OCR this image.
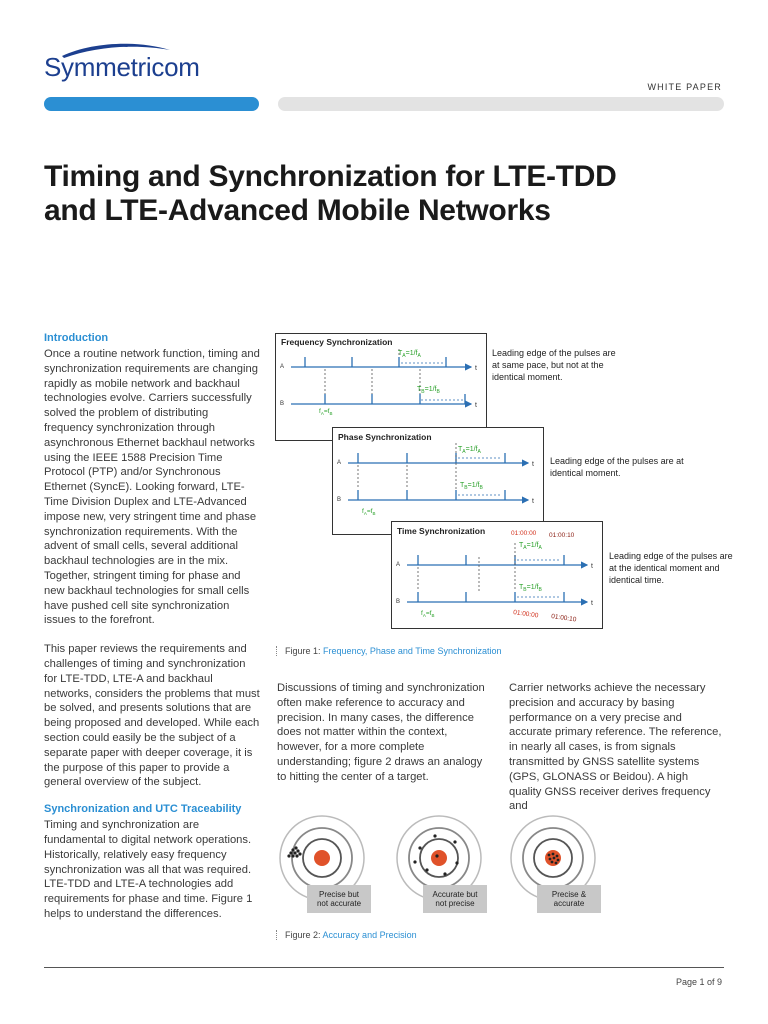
Symmetricom
WHITE PAPER
Timing and Synchronization for LTE-TDD
and LTE-Advanced Mobile Networks

Introduction

Once a routine network function, timing and synchronization requirements are changing rapidly as mobile network and backhaul technologies evolve. Carriers successfully solved the problem of distributing frequency synchronization through asynchronous Ethernet backhaul networks using the IEEE 1588 Precision Time Protocol (PTP) and/or Synchronous Ethernet (SyncE). Looking forward, LTE-Time Division Duplex and LTE-Advanced impose new, very stringent time and phase synchronization requirements. With the advent of small cells, several additional backhaul technologies are in the mix. Together, stringent timing for phase and new backhaul technologies for small cells have pushed cell site synchronization issues to the forefront.

This paper reviews the requirements and challenges of timing and synchronization for LTE-TDD, LTE-A and backhaul networks, considers the problems that must be solved, and presents solutions that are being proposed and developed. While each section could easily be the subject of a separate paper with deeper coverage, it is the purpose of this paper to provide a general overview of the subject.

Synchronization and UTC Traceability

Timing and synchronization are fundamental to digital network operations. Historically, relatively easy frequency synchronization was all that was required. LTE-TDD and LTE-A technologies add requirements for phase and time. Figure 1 helps to understand the differences.

Frequency Synchronization
A	t
$T_A=1/f_A$
B	t
$T_B=1/f_B$
$f_A=f_B$
Phase Synchronization
A	t
$T_A=1/f_A$
B	t
$T_B=1/f_B$
$f_A=f_B$
Time Synchronization	01:00:00 01:00:10
A	t
$T_A=1/f_A$
B	t
$T_B=1/f_B$
$f_A=f_B$	01:00:00 01:00:10
Leading edge of the pulses are at same pace, but not at the identical moment.
Leading edge of the pulses are at identical moment.
Leading edge of the pulses are at the identical moment and identical time.
Figure 1: Frequency, Phase and Time Synchronization

Discussions of timing and synchronization often make reference to accuracy and precision. In many cases, the difference does not matter within the context, however, for a more complete understanding; figure 2 draws an analogy to hitting the center of a target.

Carrier networks achieve the necessary precision and accuracy by basing performance on a very precise and accurate primary reference. The reference, in nearly all cases, is from signals transmitted by GNSS satellite systems (GPS, GLONASS or Beidou). A high quality GNSS receiver derives frequency and

Precise but
not accurate
Accurate but
not precise
Precise &
accurate
Figure 2: Accuracy and Precision
Page 1 of 9
